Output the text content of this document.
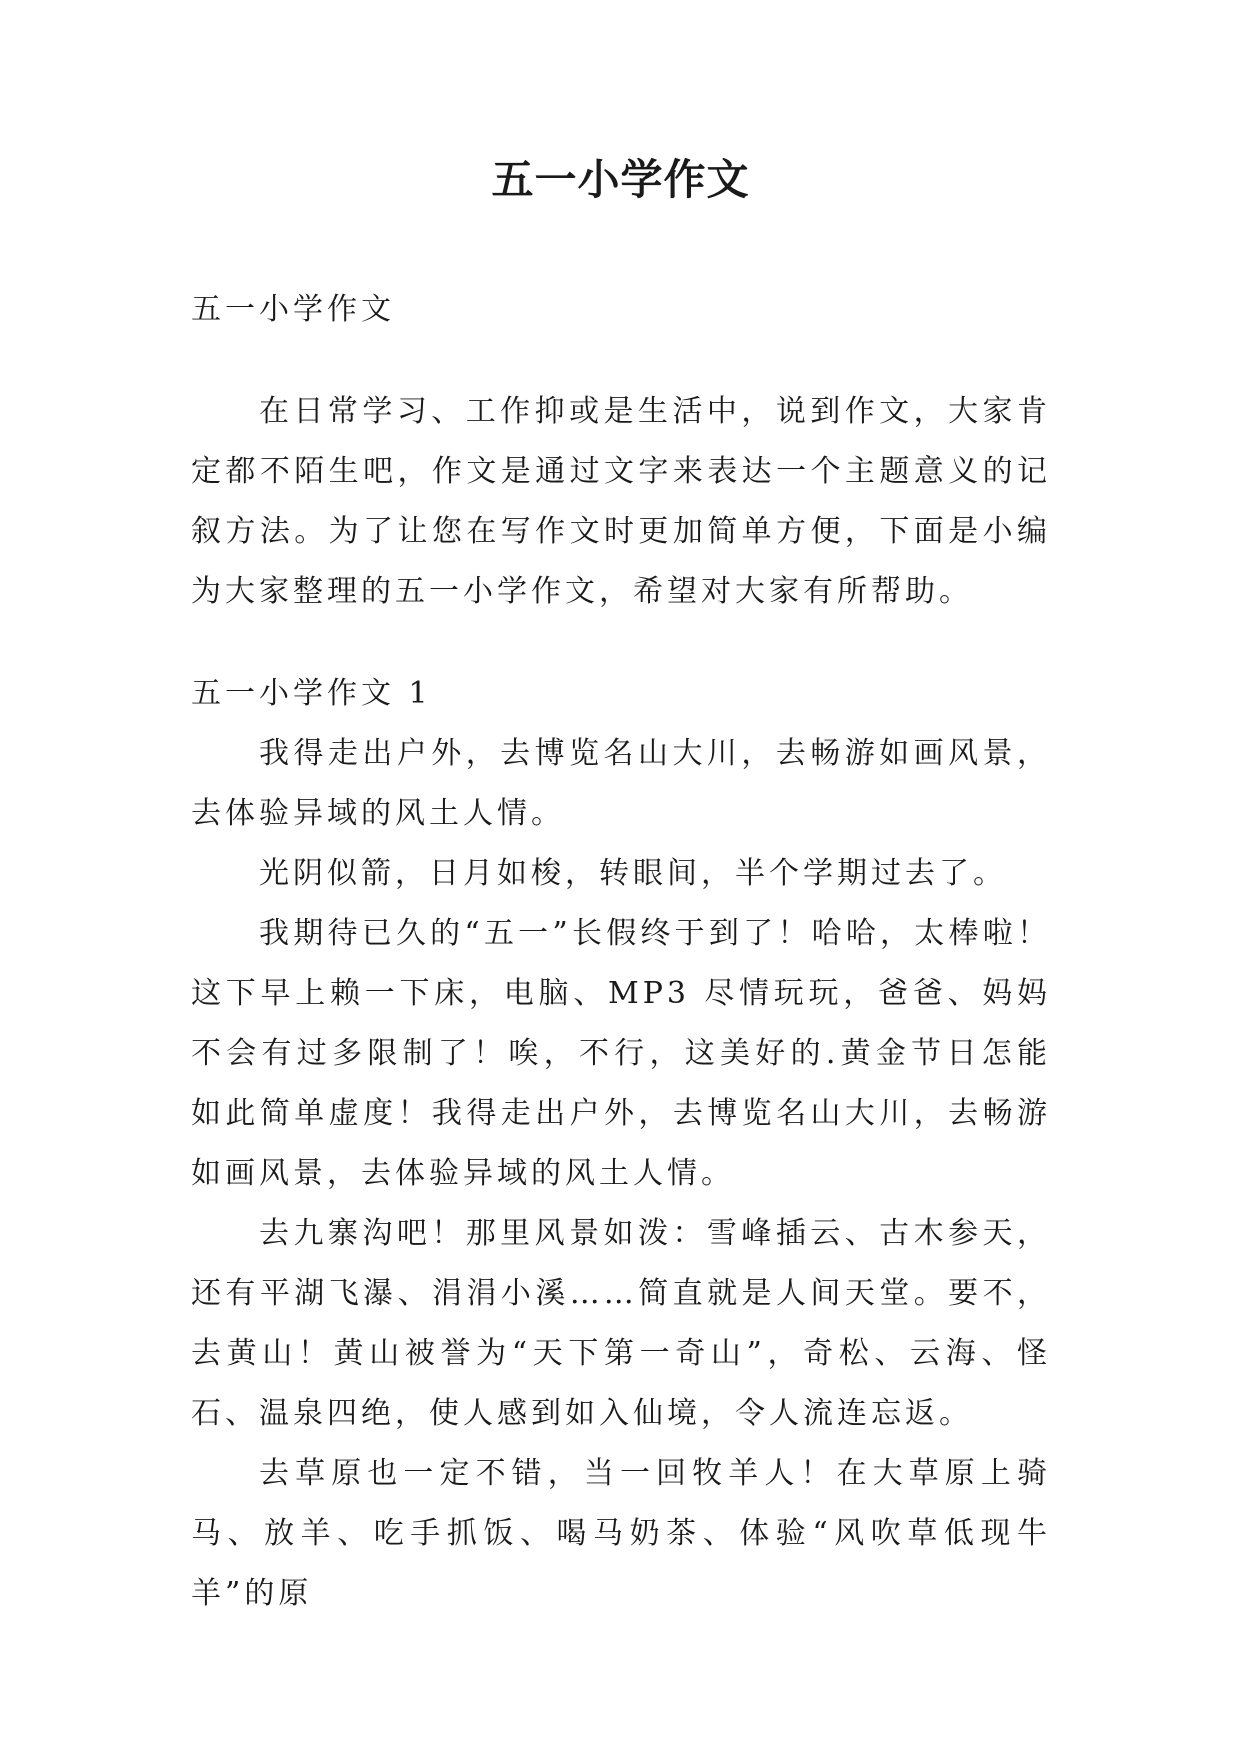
五一小学作文

五一小学作文

在日常学习、工作抑或是生活中，说到作文，大家肯定都不陌生吧，作文是通过文字来表达一个主题意义的记叙方法。为了让您在写作文时更加简单方便，下面是小编为大家整理的五一小学作文，希望对大家有所帮助。

五一小学作文 1

我得走出户外，去博览名山大川，去畅游如画风景，去体验异域的风土人情。

光阴似箭，日月如梭，转眼间，半个学期过去了。

我期待已久的“五一”长假终于到了！哈哈，太棒啦！这下早上赖一下床，电脑、MP3 尽情玩玩，爸爸、妈妈不会有过多限制了！唉，不行，这美好的.黄金节日怎能如此简单虚度！我得走出户外，去博览名山大川，去畅游如画风景，去体验异域的风土人情。

去九寨沟吧！那里风景如泼：雪峰插云、古木参天，还有平湖飞瀑、涓涓小溪……简直就是人间天堂。要不，去黄山！黄山被誉为“天下第一奇山”，奇松、云海、怪石、温泉四绝，使人感到如入仙境，令人流连忘返。

去草原也一定不错，当一回牧羊人！在大草原上骑马、放羊、吃手抓饭、喝马奶茶、体验“风吹草低现牛羊”的原
